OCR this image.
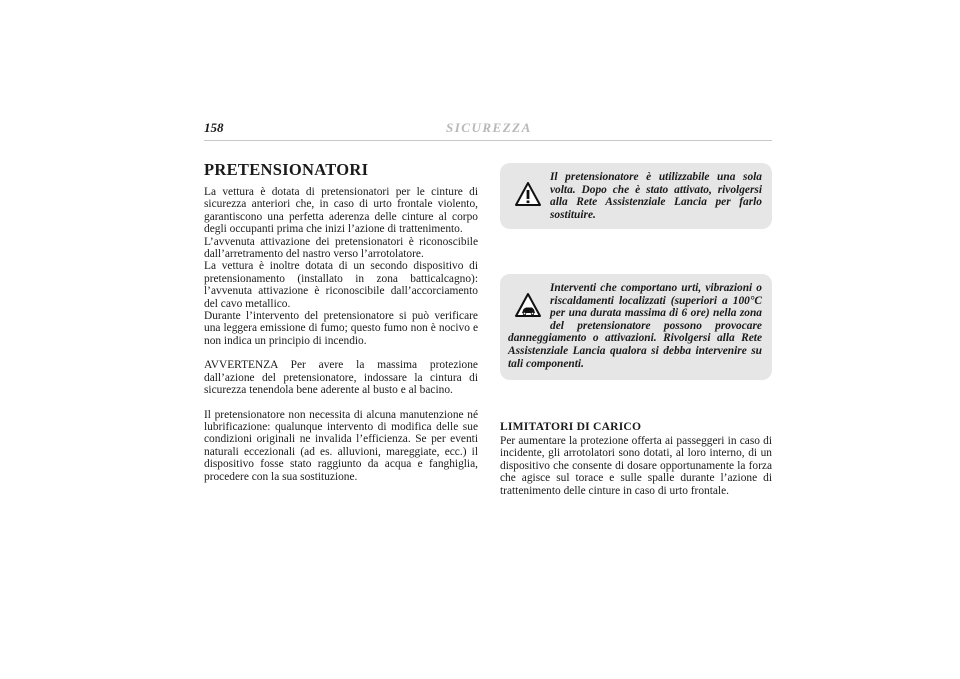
158	SICUREZZA
PRETENSIONATORI

La vettura è dotata di pretensionatori per le cinture di sicurezza anteriori che, in caso di urto frontale violento, garantiscono una perfetta aderenza delle cinture al corpo degli occupanti prima che inizi l’azione di trattenimento.

L’avvenuta attivazione dei pretensionatori è riconoscibile dall’arretramento del nastro verso l’arrotolatore.

La vettura è inoltre dotata di un secondo dispositivo di pretensionamento (installato in zona batticalcagno): l’avvenuta attivazione è riconoscibile dall’accorciamento del cavo metallico.

Durante l’intervento del pretensionatore si può verificare una leggera emissione di fumo; questo fumo non è nocivo e non indica un principio di incendio.

AVVERTENZA Per avere la massima protezione dall’azione del pretensionatore, indossare la cintura di sicurezza tenendola bene aderente al busto e al bacino.

Il pretensionatore non necessita di alcuna manutenzione né lubrificazione: qualunque intervento di modifica delle sue condizioni originali ne invalida l’efficienza. Se per eventi naturali eccezionali (ad es. alluvioni, mareggiate, ecc.) il dispositivo fosse stato raggiunto da acqua e fanghiglia, procedere con la sua sostituzione.

Il pretensionatore è utilizzabile una sola volta. Dopo che è stato attivato, rivolgersi alla Rete Assistenziale Lancia per farlo sostituire.

Interventi che comportano urti, vibrazioni o riscaldamenti localizzati (superiori a 100°C per una durata massima di 6 ore) nella zona del pretensionatore possono provocare danneggiamento o attivazioni. Rivolgersi alla Rete Assistenziale Lancia qualora si debba intervenire su tali componenti.

LIMITATORI DI CARICO

Per aumentare la protezione offerta ai passeggeri in caso di incidente, gli arrotolatori sono dotati, al loro interno, di un dispositivo che consente di dosare opportunamente la forza che agisce sul torace e sulle spalle durante l’azione di trattenimento delle cinture in caso di urto frontale.
